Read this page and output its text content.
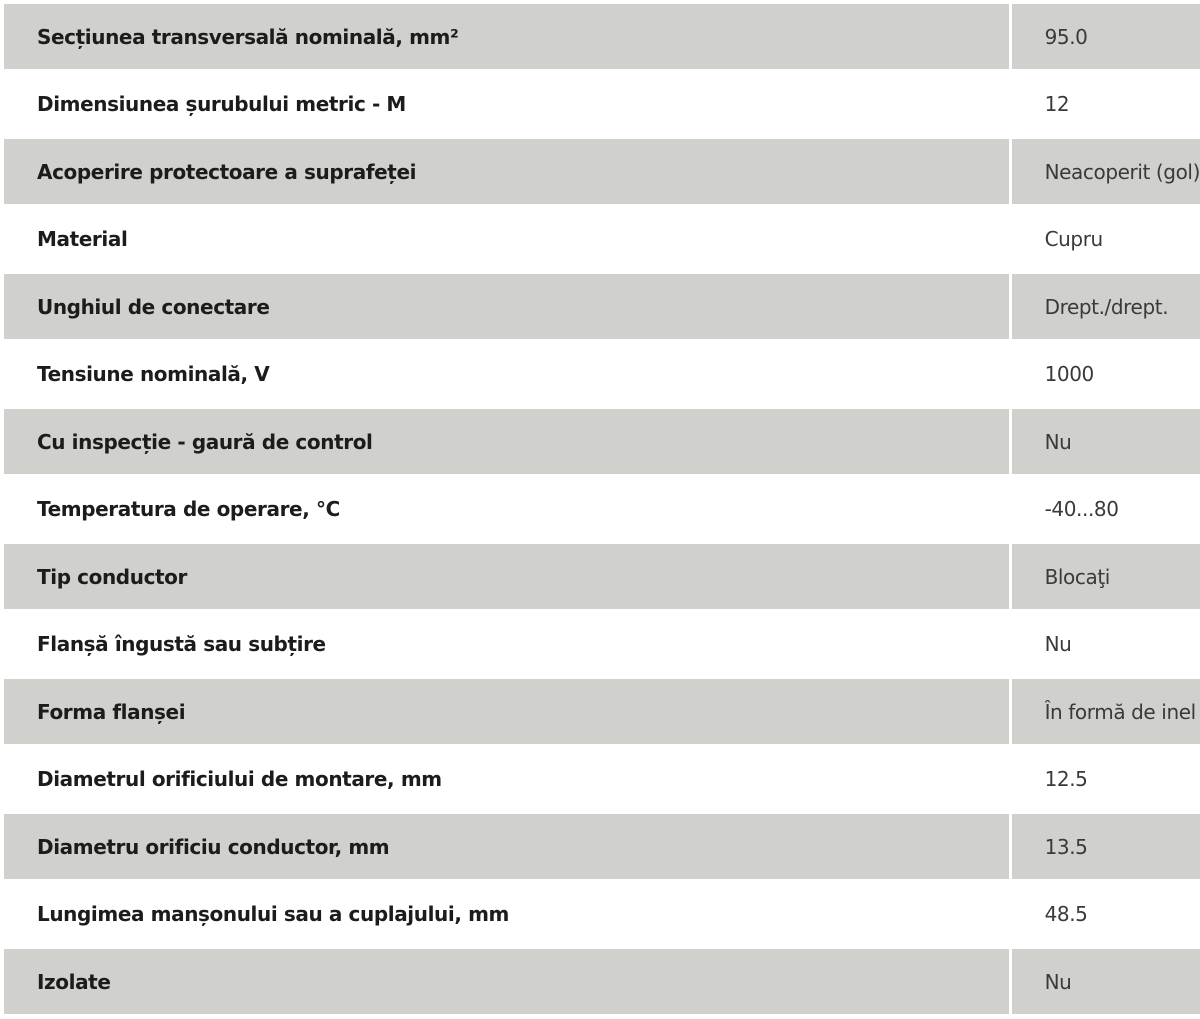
Secțiunea transversală nominală, mm²	95.0
Dimensiunea șurubului metric - M	12
Acoperire protectoare a suprafeței	Neacoperit (gol)
Material	Cupru
Unghiul de conectare	Drept./drept.
Tensiune nominală, V	1000
Cu inspecție - gaură de control	Nu
Temperatura de operare, °C	-40...80
Tip conductor	Blocaţi
Flanșă îngustă sau subțire	Nu
Forma flanșei	În formă de inel
Diametrul orificiului de montare, mm	12.5
Diametru orificiu conductor, mm	13.5
Lungimea manșonului sau a cuplajului, mm	48.5
Izolate	Nu
